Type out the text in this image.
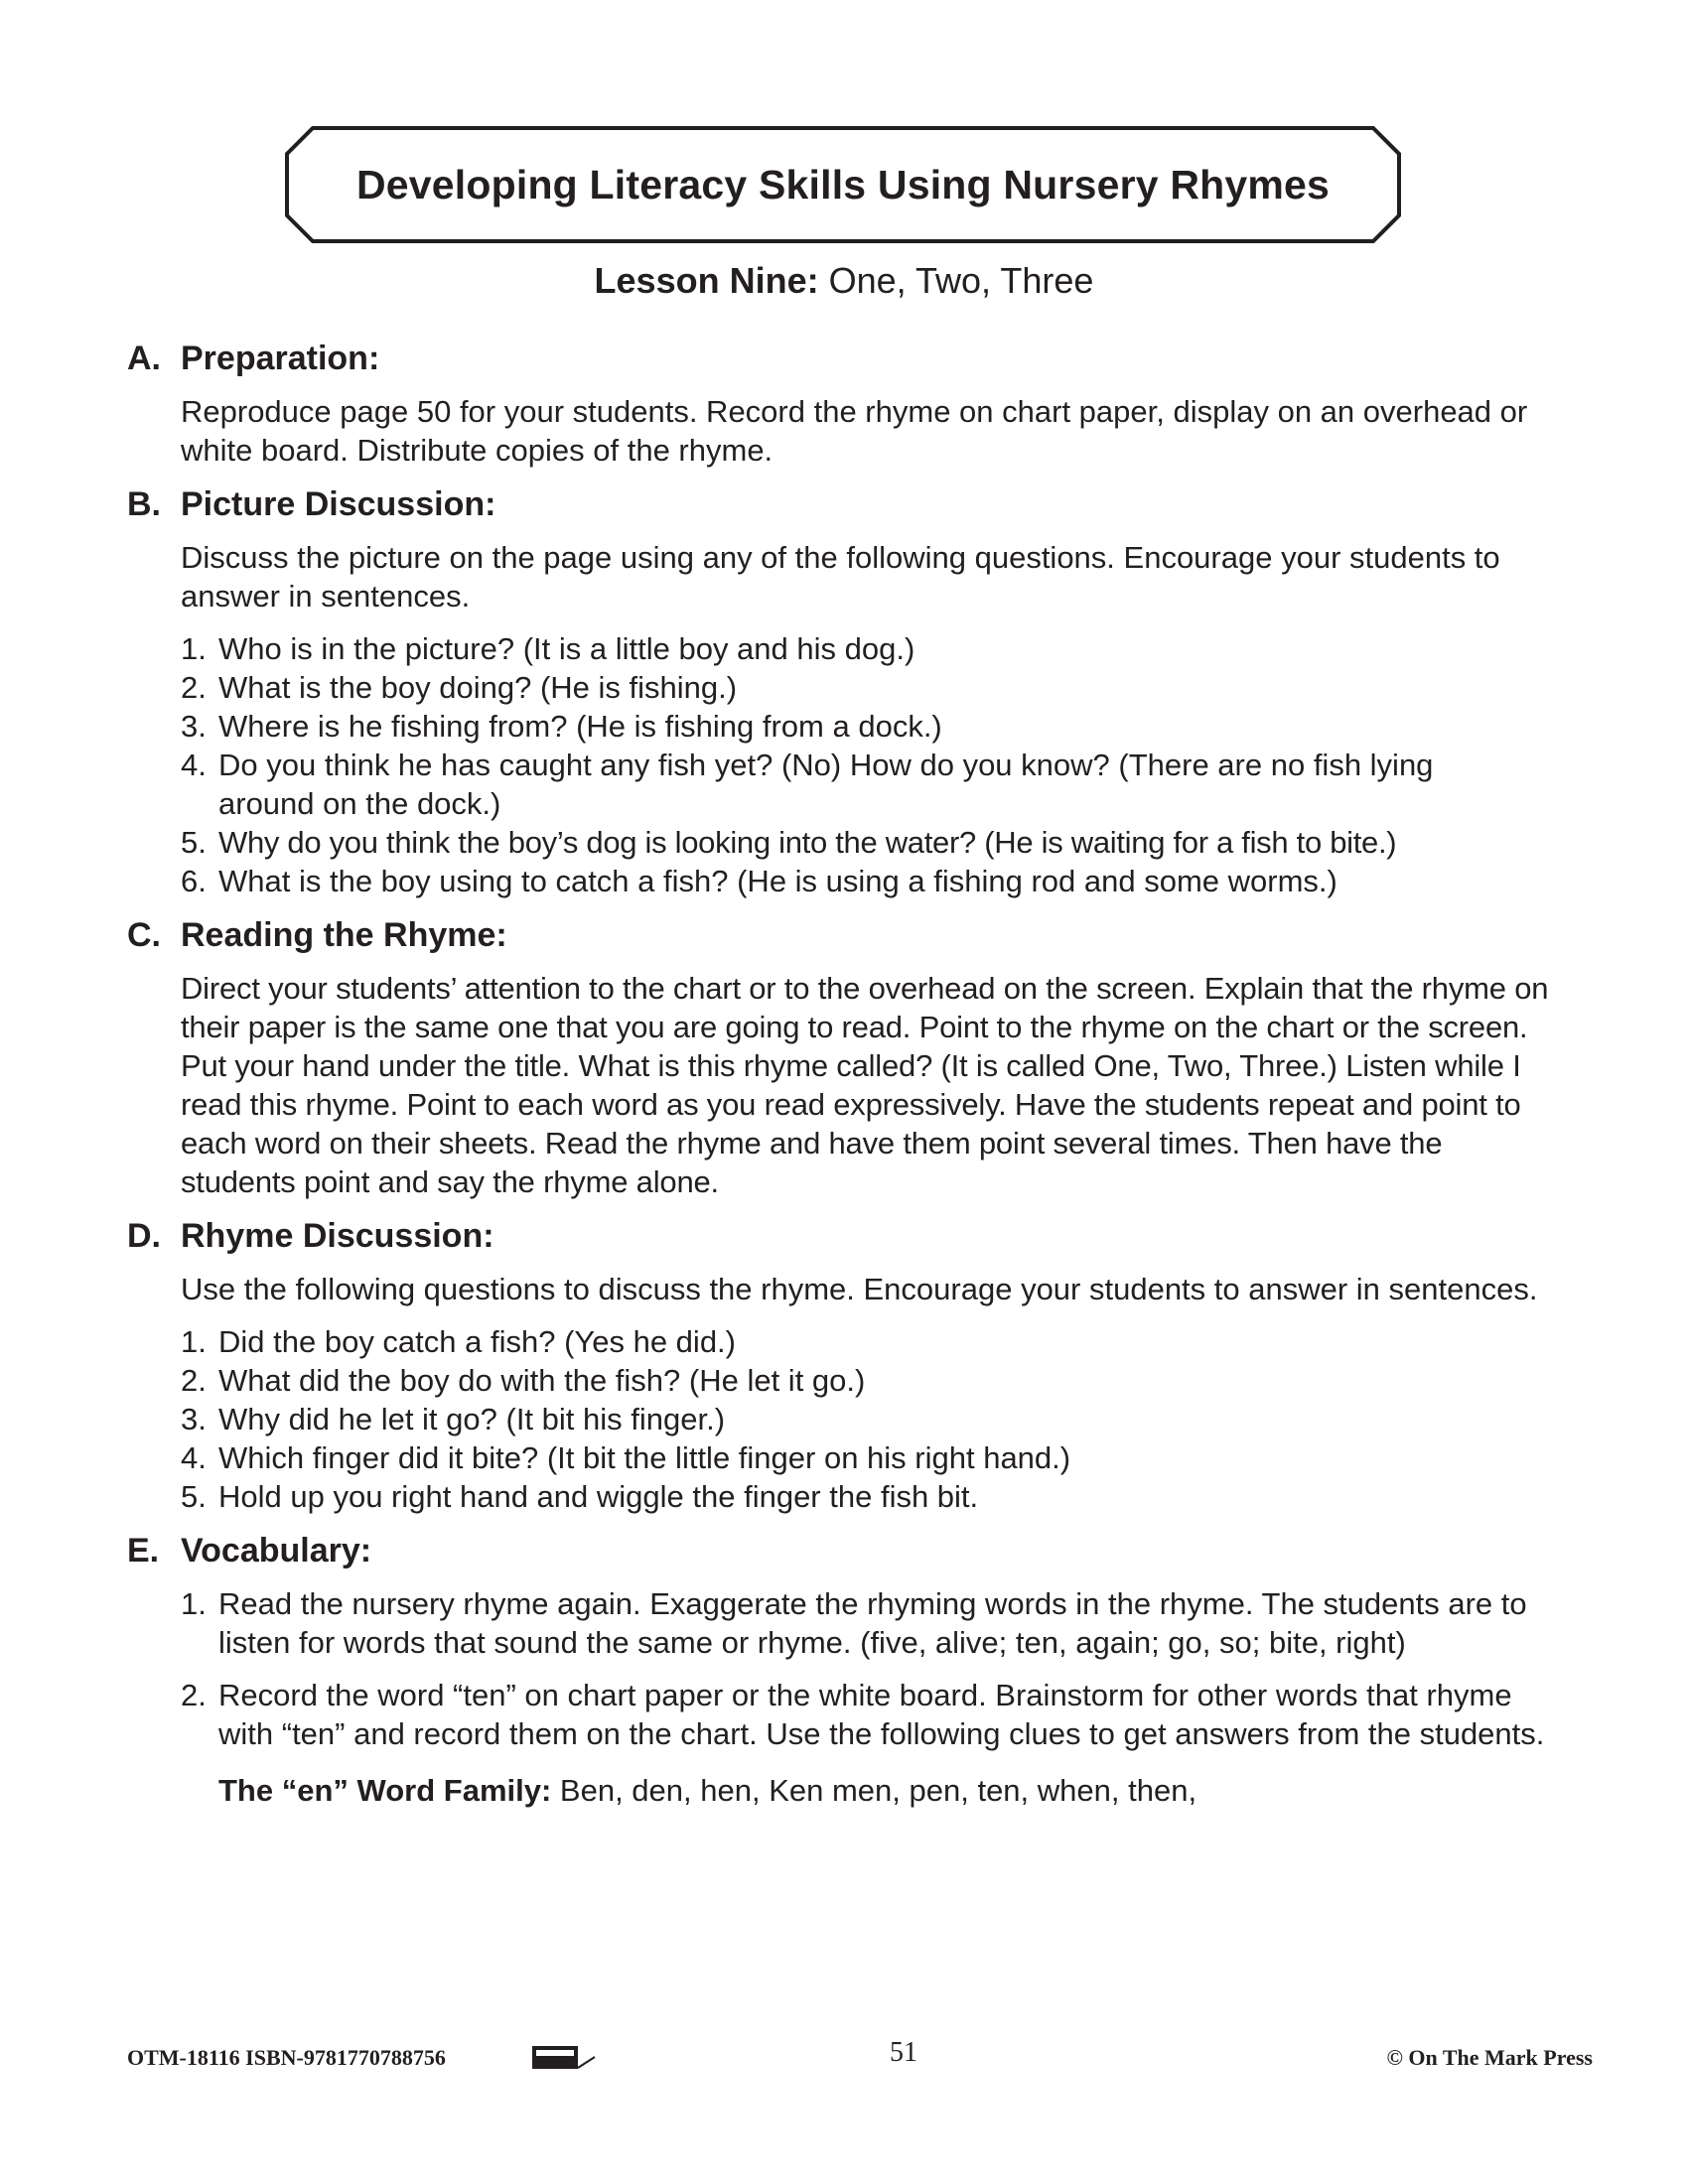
Developing Literacy Skills Using Nursery Rhymes
Lesson Nine: One, Two, Three
A. Preparation:
Reproduce page 50 for your students. Record the rhyme on chart paper, display on an overhead or white board. Distribute copies of the rhyme.
B. Picture Discussion:
Discuss the picture on the page using any of the following questions. Encourage your students to answer in sentences.
1. Who is in the picture? (It is a little boy and his dog.)
2. What is the boy doing? (He is fishing.)
3. Where is he fishing from? (He is fishing from a dock.)
4. Do you think he has caught any fish yet? (No) How do you know? (There are no fish lying around on the dock.)
5. Why do you think the boy’s dog is looking into the water? (He is waiting for a fish to bite.)
6. What is the boy using to catch a fish? (He is using a fishing rod and some worms.)
C. Reading the Rhyme:
Direct your students’ attention to the chart or to the overhead on the screen. Explain that the rhyme on their paper is the same one that you are going to read. Point to the rhyme on the chart or the screen. Put your hand under the title. What is this rhyme called? (It is called One, Two, Three.) Listen while I read this rhyme. Point to each word as you read expressively. Have the students repeat and point to each word on their sheets. Read the rhyme and have them point several times. Then have the students point and say the rhyme alone.
D. Rhyme Discussion:
Use the following questions to discuss the rhyme. Encourage your students to answer in sentences.
1. Did the boy catch a fish? (Yes he did.)
2. What did the boy do with the fish? (He let it go.)
3. Why did he let it go? (It bit his finger.)
4. Which finger did it bite? (It bit the little finger on his right hand.)
5. Hold up you right hand and wiggle the finger the fish bit.
E. Vocabulary:
1. Read the nursery rhyme again. Exaggerate the rhyming words in the rhyme. The students are to listen for words that sound the same or rhyme. (five, alive; ten, again; go, so; bite, right)
2. Record the word “ten” on chart paper or the white board. Brainstorm for other words that rhyme with “ten” and record them on the chart. Use the following clues to get answers from the students.
The “en” Word Family: Ben, den, hen, Ken men, pen, ten, when, then,
OTM-18116 ISBN-9781770788756	51	© On The Mark Press
